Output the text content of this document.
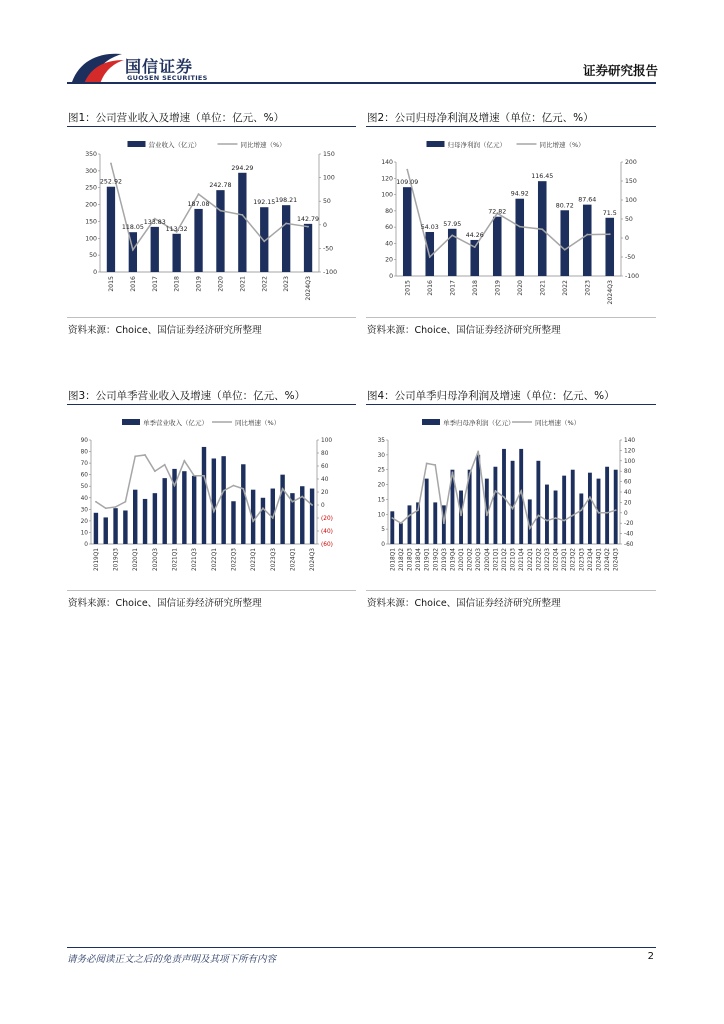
国信证券
GUOSEN SECURITIES	证券研究报告
图1：公司营业收入及增速（单位：亿元、%）
营业收入（亿元）	同比增速（%）
0
50
100
150
200
250
300
350
-100
-50
0
50
100
150
252.92
118.05
133.83
113.32
187.08
242.78
294.29
192.15 198.21
142.79
2015 2016 2017 2018 2019 2020 2021 2022 2023 2024Q3
资料来源：Choice、国信证券经济研究所整理
图2：公司归母净利润及增速（单位：亿元、%）
归母净利润（亿元）	同比增速（%）
0
20
40
60
80
100
120
140
-100
-50
0
50
100
150
200
109.09
54.03 57.95
44.26
72.82
94.92
116.45
80.72
87.64
71.5
2015	2016	2017	2018	2019	2020	2021	2022	2023	2024Q3
资料来源：Choice、国信证券经济研究所整理
图3：公司单季营业收入及增速（单位：亿元、%）
单季营业收入（亿元）	同比增速（%）
0
10
20
30
40
50
60
70
80
90
(60)
(40)
(20)
0
20
40
60
80
100
2019Q1 2019Q3 2020Q1 2020Q3 2021Q1 2021Q3 2022Q1 2022Q3 2023Q1 2023Q3 2024Q1 2024Q3
资料来源：Choice、国信证券经济研究所整理
图4：公司单季归母净利润及增速（单位：亿元、%）
单季归母净利润（亿元）	同比增速（%）
0
5
10
15
20
25
30
35
-60
-40
-20
0
20
40
60
80
100
120
140
2018Q1 2018Q2 2018Q3 2018Q4 2019Q1 2019Q2 2019Q3 2019Q4 2020Q1 2020Q2 2020Q3 2020Q4 2021Q1 2021Q2 2021Q3 2021Q4 2022Q1 2022Q2 2022Q3 2022Q4 2023Q1 2023Q2 2023Q3 2023Q4 2024Q1 2024Q2 2024Q3
资料来源：Choice、国信证券经济研究所整理
请务必阅读正文之后的免责声明及其项下所有内容	2
